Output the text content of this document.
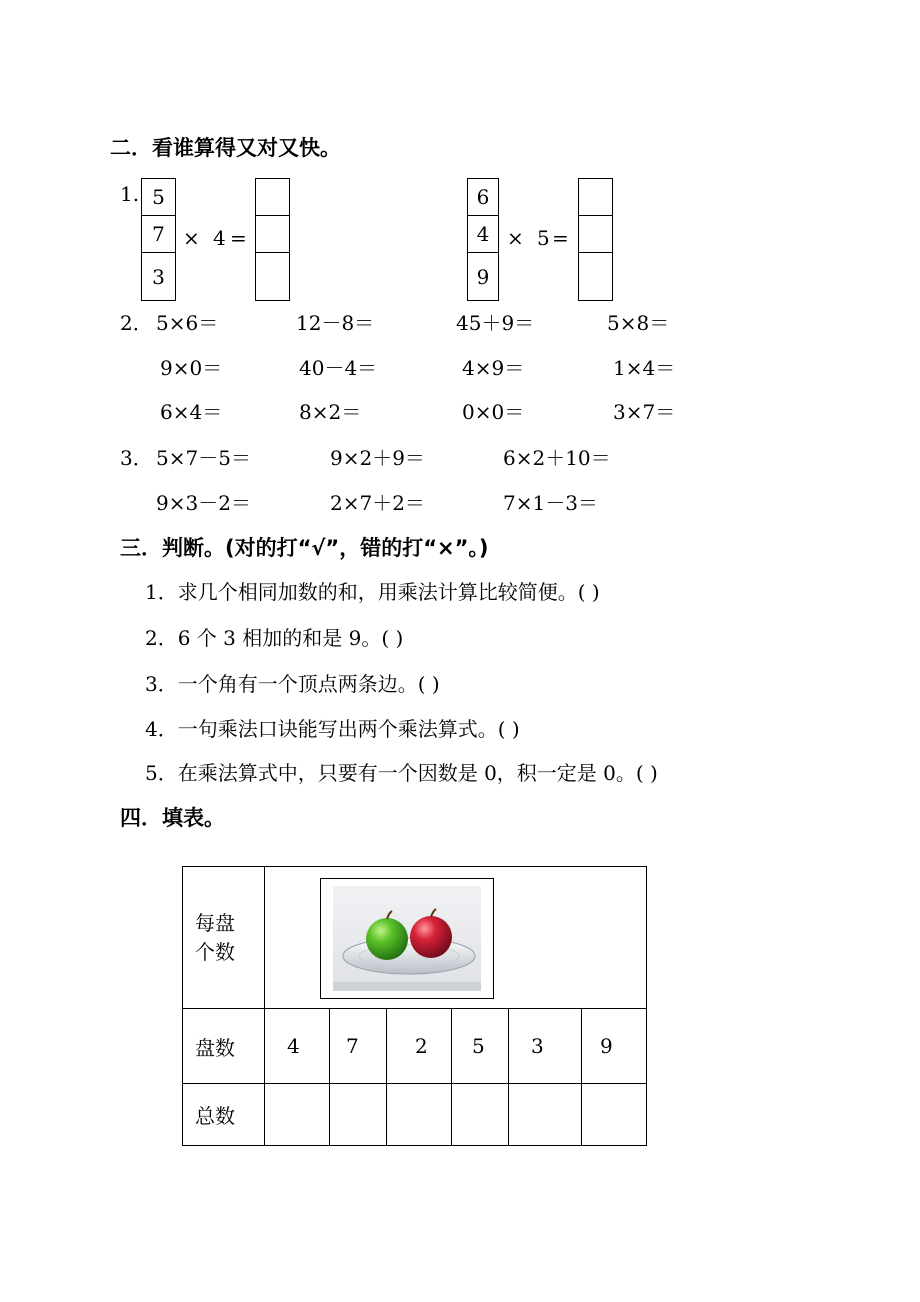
二．看谁算得又对又快。
1. 5
7
3
× 4 =
6
4
9
× 5 =
2． 5×6＝	12－8＝	45＋9＝	5×8＝
9×0＝	40－4＝	4×9＝	1×4＝
6×4＝	8×2＝	0×0＝	3×7＝
3． 5×7－5＝	9×2＋9＝	6×2＋10＝
9×3－2＝	2×7＋2＝	7×1－3＝
三．判断。(对的打“√”，错的打“×”。)
1．求几个相同加数的和，用乘法计算比较简便。( )
2．6 个 3 相加的和是 9。( )
3．一个角有一个顶点两条边。( )
4．一句乘法口诀能写出两个乘法算式。( )
5．在乘法算式中，只要有一个因数是 0，积一定是 0。( )
四．填表。
每盘
个数						

盘数	4	7	2	5	3	9
总数						
